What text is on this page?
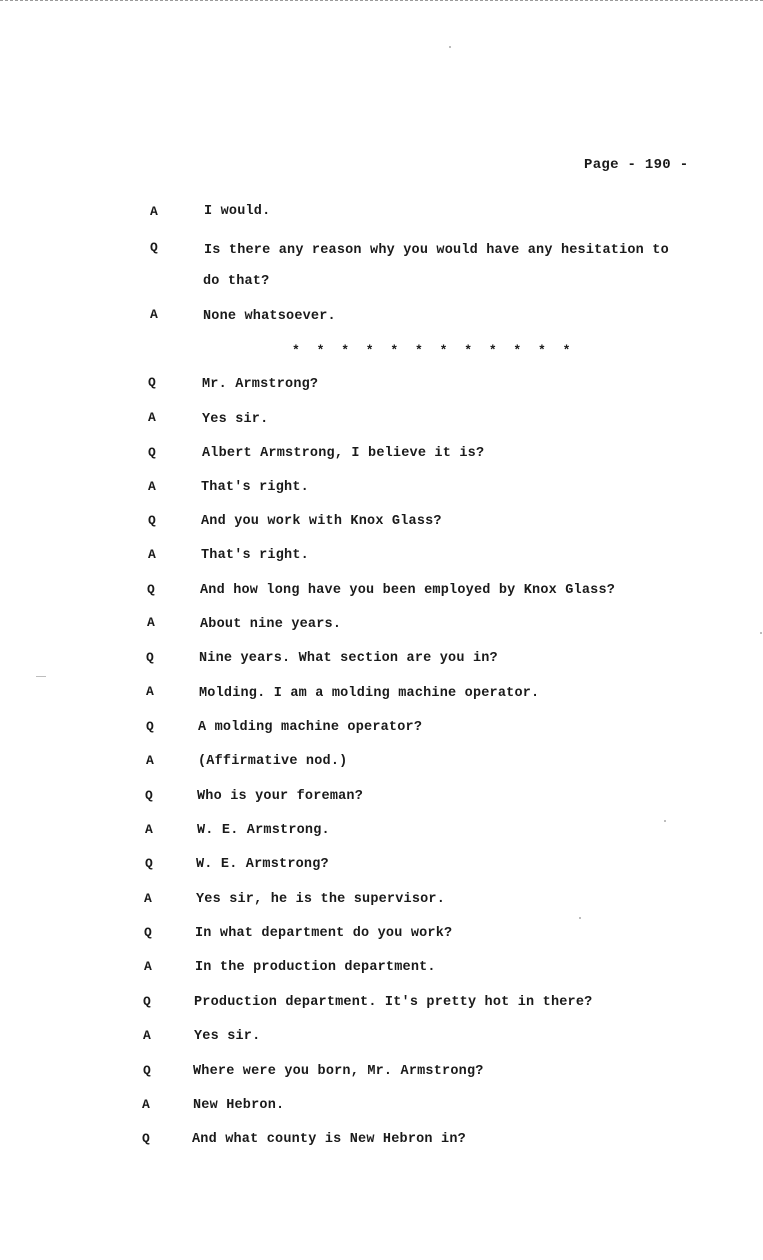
Page - 190 -
A	I would.
Q	Is there any reason why you would have any hesitation to
do that?
A	None whatsoever.
* * * * * * * * * * * *
Q	Mr. Armstrong?
A	Yes sir.
Q	Albert Armstrong, I believe it is?
A	That's right.
Q	And you work with Knox Glass?
A	That's right.
Q	And how long have you been employed by Knox Glass?
A	About nine years.
Q	Nine years. What section are you in?
A	Molding. I am a molding machine operator.
Q	A molding machine operator?
A	(Affirmative nod.)
Q	Who is your foreman?
A	W. E. Armstrong.
Q	W. E. Armstrong?
A	Yes sir, he is the supervisor.
Q	In what department do you work?
A	In the production department.
Q	Production department. It's pretty hot in there?
A	Yes sir.
Q	Where were you born, Mr. Armstrong?
A	New Hebron.
Q	And what county is New Hebron in?
